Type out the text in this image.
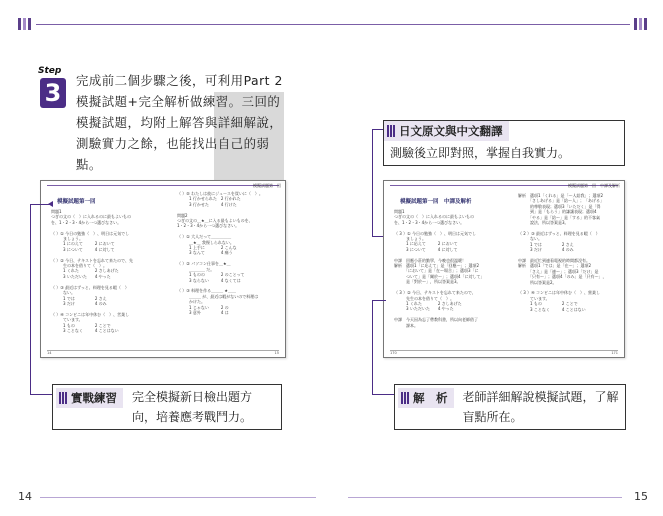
Step
3	完成前二個步驟之後，可利用Part 2 模擬試題+完全解析做練習。三回的模擬試題，均附上解答與詳細解說，測驗實力之餘，也能找出自己的弱點。
日文原文與中文翻譯
測驗後立即對照，掌握自我實力。
模擬試題第一回
模擬試題第一回
問題1
つぎの文の（　）に入れるのに最もよいもの
を、1・2・3・4から一つ選びなさい。

（ ）① 今日の勉強（　）、明日は元気でし
　　　ましょう。
　　　1 にのえて　　　2 において
　　　3 について　　　4 に対して

（ ）② 今日、テキストを忘れて来たので、先
　　　生の本を借りて（　）。
　　　1 くれた　　　　2 さしあげた
　　　3 いただいた　　4 やった

（ ）③ 最近はずっと、料理を見る暇（　）
　　　ない。
　　　1 では　　　　　2 さえ
　　　3 だけ　　　　　4 のみ

（ ）④ コンビニは年中休む（　）、営業し
　　　ています。
　　　1 もの　　　　　2 ことで
　　　3 ことなく　　　4 ことはない
（ ）⑤ わたしは彼にジュースを買いに（　）。
　　　1 行かせられた　2 行かれた
　　　3 行かせた　　　4 行けた

問題2
つぎの文の＿★＿に入る最もよいものを、
1・2・3・4から一つ選びなさい。

（ ）① 大人だって＿＿＿＿＿
　　　＿★＿ 我慢しられない。
　　　1 上手に　　　　2 こんな
　　　3 なんて　　　　4 痛う

（ ）② パソコン仕事を＿★＿
　　　＿＿＿＿ だ。
　　　1 ものの　　　　2 のことって
　　　3 ならない　　　4 なくては

（ ）③ 料理を作る＿＿＿ ★＿＿
　　　＿＿＿ が、最近は暇がないので料理は
　　　かけた。
　　　1 じゃない　　　2 の
　　　3 意外　　　　　4 は
14	15
模擬試題第一回　中譯及解析
模擬試題第一回　中譯及解析
問題1
つぎの文の（　）に入れるのに最もよいもの
を、1・2・3・4から一つ選びなさい。

（ 3 ）① 今日の勉強（　）、明日は元気でし
　　　ましょう。
　　　1 に応えて　　　2 において
　　　3 について　　　4 に対して

中譯　回應小莊的勤學，今晚也很溫暖！
解析　選項1「に応えて」是「回應～」；選項2
　　　「において」是「在～場合」；選項3「に
　　　ついて」是「關於～」；選項4「に対して」
　　　是「對於～」，所以答案是3。

（ 3 ）② 今日、テキストを忘れて来たので、
　　　先生の本を借りて（　）。
　　　1 くれた　　　　2 さしあげた
　　　3 いただいた　　4 やった

中譯　今天因為忘了帶教科書，所以向老師借了
　　　課本。
解析　選項1「くれる」是「～人給我」；選項2
　　　「さしあげる」是「給～人」；「あげる」
　　　的尊敬表現；選項3「いただく」是「得
　　　到」是「もらう」的謙讓表現；選項4
　　　「やる」是「給～」是「する」的不客氣
　　　說法，所以答案是3。

（ 2 ）③ 最近はずっと、料理を見る暇（　）
　　　ない。
　　　1 では　　　　　2 さえ
　　　3 だけ　　　　　4 のみ

中譯　最近忙到連看電視的時間都沒有。
解析　選項1「では」是「在～」；選項2
　　　「さえ」是「連～」；選項3「だけ」是
　　　「只有～」；選項4「のみ」是「只有～」，
　　　所以答案是2。

（ 3 ）④ コンビニは年中休む（　）、營業し
　　　ています。
　　　1 もの　　　　　2 ことで
　　　3 ことなく　　　4 ことはない
170	171
實戰練習	完全模擬新日檢出題方向，培養應考戰鬥力。
解　析	老師詳細解說模擬試題，了解盲點所在。
14	15
